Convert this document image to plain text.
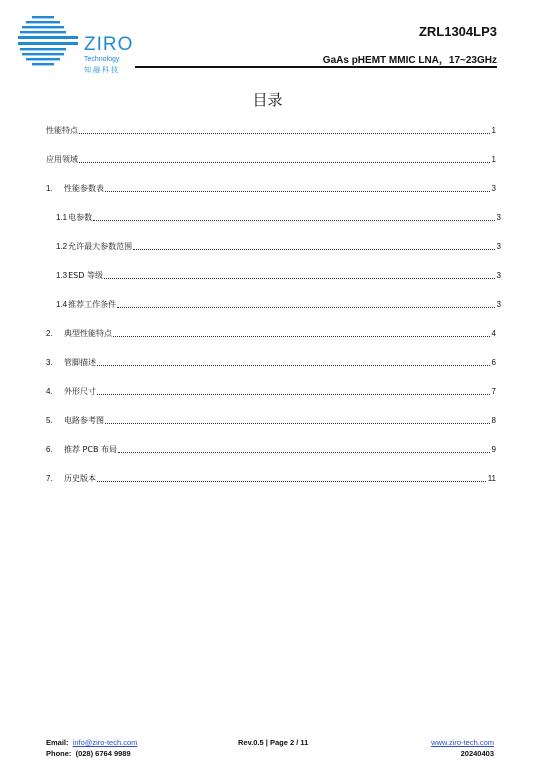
ZIRO
Technology
知融科技
ZRL1304LP3
GaAs pHEMT MMIC LNA，17~23GHz
目录
性能特点	1
应用领域	1
1.	性能参数表	3
1.1 电参数	3
1.2 允许最大参数范围	3
1.3 ESD 等级	3
1.4 推荐工作条件	3
2.	典型性能特点	4
3.	管脚描述	6
4.	外形尺寸	7
5.	电路参考图	8
6.	推荐 PCB 布局	9
7.	历史版本	11
Email: info@ziro-tech.com
Phone: (028) 6764 9989
Rev.0.5 | Page 2 / 11	www.ziro-tech.com
20240403
